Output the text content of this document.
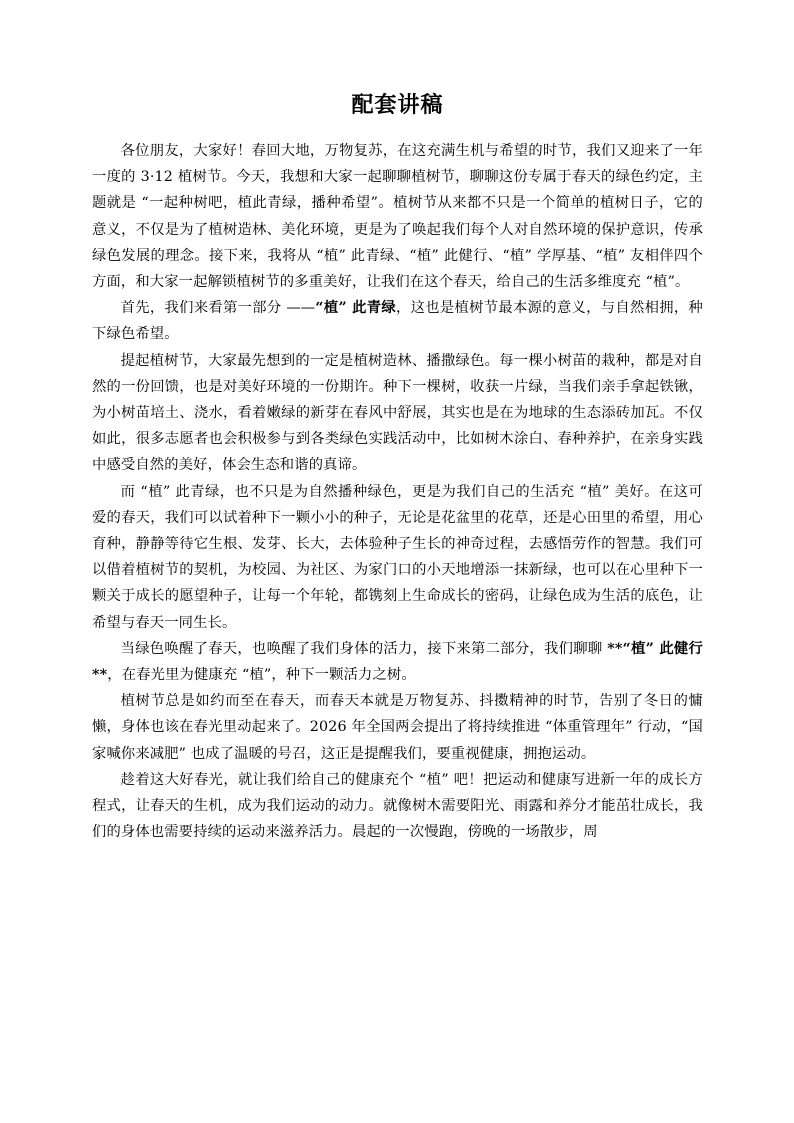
配套讲稿

各位朋友，大家好！春回大地，万物复苏，在这充满生机与希望的时节，我们又迎来了一年一度的 3·12 植树节。今天，我想和大家一起聊聊植树节，聊聊这份专属于春天的绿色约定，主题就是 “一起种树吧，植此青绿，播种希望”。植树节从来都不只是一个简单的植树日子，它的意义，不仅是为了植树造林、美化环境，更是为了唤起我们每个人对自然环境的保护意识，传承绿色发展的理念。接下来，我将从 “植” 此青绿、“植” 此健行、“植” 学厚基、“植” 友相伴四个方面，和大家一起解锁植树节的多重美好，让我们在这个春天，给自己的生活多维度充 “植”。

首先，我们来看第一部分 ——“植” 此青绿，这也是植树节最本源的意义，与自然相拥，种下绿色希望。

提起植树节，大家最先想到的一定是植树造林、播撒绿色。每一棵小树苗的栽种，都是对自然的一份回馈，也是对美好环境的一份期许。种下一棵树，收获一片绿，当我们亲手拿起铁锹，为小树苗培土、浇水，看着嫩绿的新芽在春风中舒展，其实也是在为地球的生态添砖加瓦。不仅如此，很多志愿者也会积极参与到各类绿色实践活动中，比如树木涂白、春种养护，在亲身实践中感受自然的美好，体会生态和谐的真谛。

而 “植” 此青绿，也不只是为自然播种绿色，更是为我们自己的生活充 “植” 美好。在这可爱的春天，我们可以试着种下一颗小小的种子，无论是花盆里的花草，还是心田里的希望，用心育种，静静等待它生根、发芽、长大，去体验种子生长的神奇过程，去感悟劳作的智慧。我们可以借着植树节的契机，为校园、为社区、为家门口的小天地增添一抹新绿，也可以在心里种下一颗关于成长的愿望种子，让每一个年轮，都镌刻上生命成长的密码，让绿色成为生活的底色，让希望与春天一同生长。

当绿色唤醒了春天，也唤醒了我们身体的活力，接下来第二部分，我们聊聊 **“植” 此健行 **，在春光里为健康充 “植”，种下一颗活力之树。

植树节总是如约而至在春天，而春天本就是万物复苏、抖擞精神的时节，告别了冬日的慵懒，身体也该在春光里动起来了。2026 年全国两会提出了将持续推进 “体重管理年” 行动，“国家喊你来减肥” 也成了温暖的号召，这正是提醒我们，要重视健康，拥抱运动。

趁着这大好春光，就让我们给自己的健康充个 “植” 吧！把运动和健康写进新一年的成长方程式，让春天的生机，成为我们运动的动力。就像树木需要阳光、雨露和养分才能茁壮成长，我们的身体也需要持续的运动来滋养活力。晨起的一次慢跑，傍晚的一场散步，周
